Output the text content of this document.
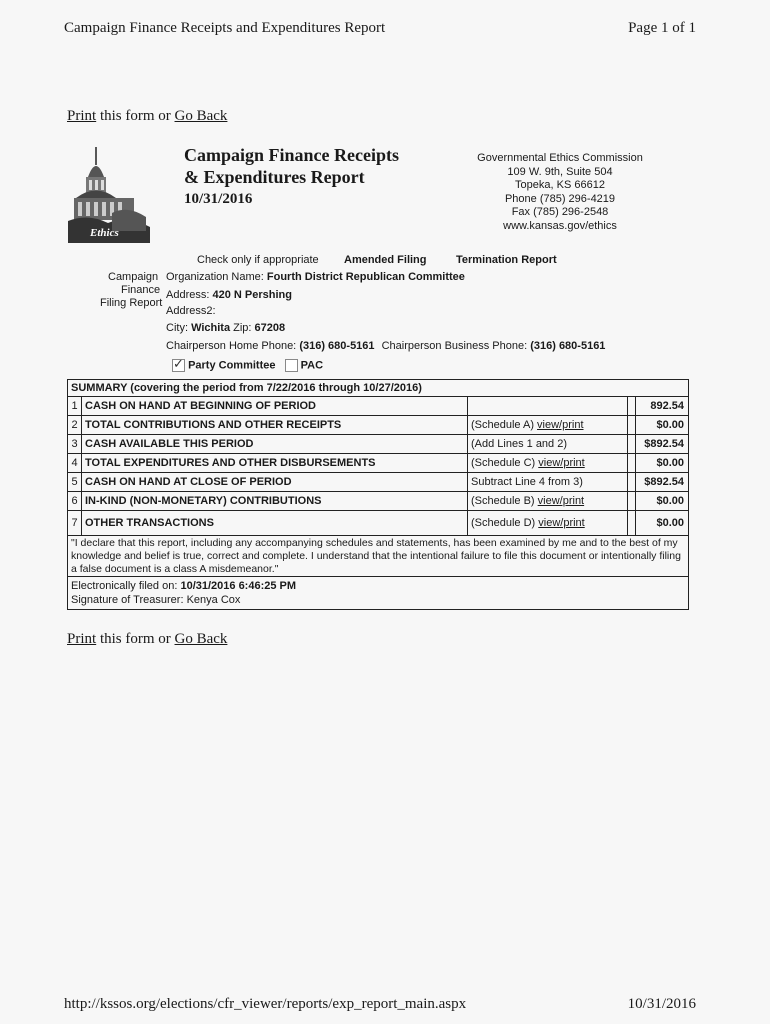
Campaign Finance Receipts and Expenditures Report	Page 1 of 1
Print this form or Go Back
Ethics
Campaign Finance Receipts
& Expenditures Report
10/31/2016
Governmental Ethics Commission
109 W. 9th, Suite 504
Topeka, KS 66612
Phone (785) 296-4219
Fax (785) 296-2548
www.kansas.gov/ethics
Check only if appropriate Amended Filing	Termination Report
Campaign
Finance
Filing Report
Organization Name: Fourth District Republican Committee
Address: 420 N Pershing
Address2:
City: Wichita Zip: 67208
Chairperson Home Phone: (316) 680-5161 Chairperson Business Phone: (316) 680-5161
✓ Party Committee PAC
SUMMARY (covering the period from 7/22/2016 through 10/27/2016)
1 CASH ON HAND AT BEGINNING OF PERIOD	892.54
2 TOTAL CONTRIBUTIONS AND OTHER RECEIPTS	(Schedule A) view/print	$0.00
3 CASH AVAILABLE THIS PERIOD	(Add Lines 1 and 2)	$892.54
4 TOTAL EXPENDITURES AND OTHER DISBURSEMENTS	(Schedule C) view/print	$0.00
5 CASH ON HAND AT CLOSE OF PERIOD	Subtract Line 4 from 3)	$892.54
6 IN-KIND (NON-MONETARY) CONTRIBUTIONS	(Schedule B) view/print	$0.00
7 OTHER TRANSACTIONS	(Schedule D) view/print	$0.00
"I declare that this report, including any accompanying schedules and statements, has been examined by me and to the best of my knowledge and belief is true, correct and complete. I understand that the intentional failure to file this document or intentionally filing a false document is a class A misdemeanor."
Electronically filed on: 10/31/2016 6:46:25 PM
Signature of Treasurer: Kenya Cox
Print this form or Go Back
http://kssos.org/elections/cfr_viewer/reports/exp_report_main.aspx	10/31/2016
